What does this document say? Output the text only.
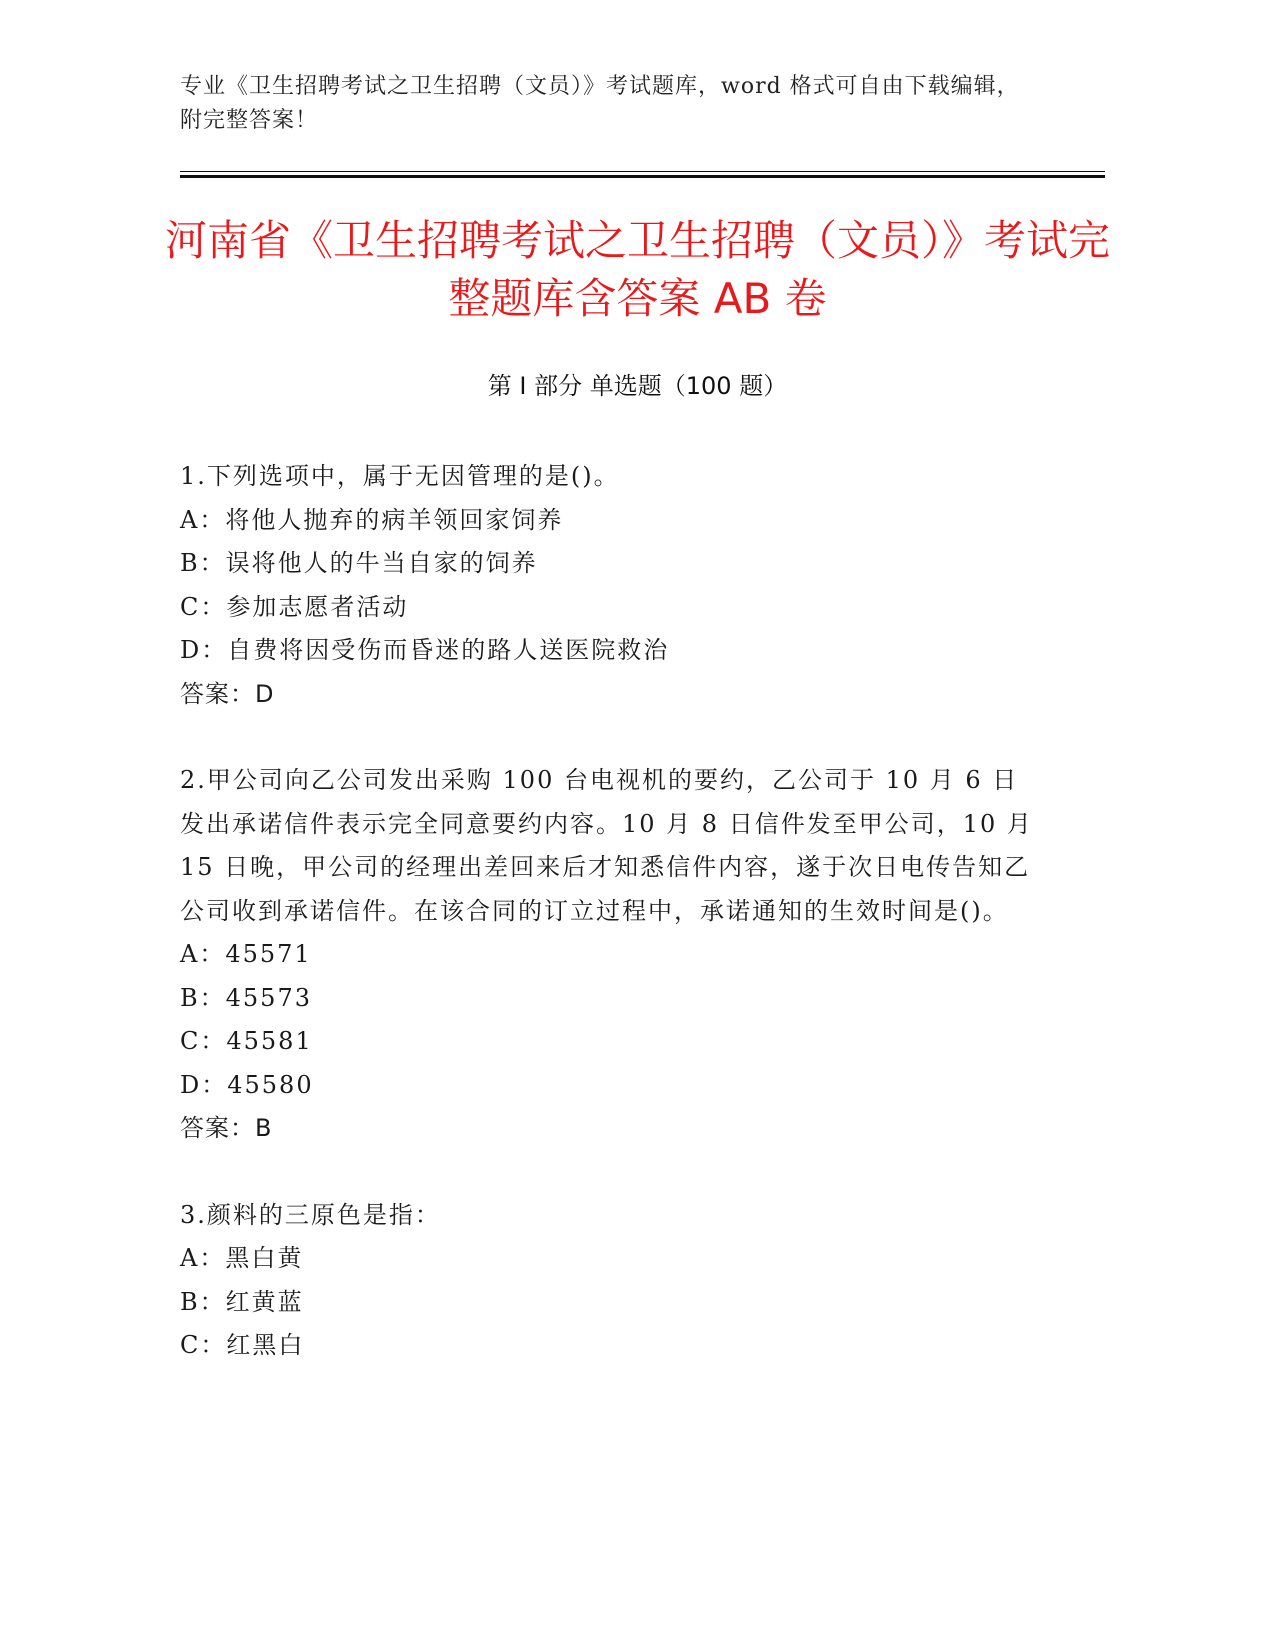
专业《卫生招聘考试之卫生招聘（文员）》考试题库，word 格式可自由下载编辑，附完整答案！
河南省《卫生招聘考试之卫生招聘（文员）》考试完整题库含答案 AB 卷
第 I 部分 单选题（100 题）
1.下列选项中，属于无因管理的是()。
A：将他人抛弃的病羊领回家饲养
B：误将他人的牛当自家的饲养
C：参加志愿者活动
D：自费将因受伤而昏迷的路人送医院救治
答案：D
2.甲公司向乙公司发出采购 100 台电视机的要约，乙公司于 10 月 6 日发出承诺信件表示完全同意要约内容。10 月 8 日信件发至甲公司，10 月 15 日晚，甲公司的经理出差回来后才知悉信件内容，遂于次日电传告知乙公司收到承诺信件。在该合同的订立过程中，承诺通知的生效时间是()。
A：45571
B：45573
C：45581
D：45580
答案：B
3.颜料的三原色是指：
A：黑白黄
B：红黄蓝
C：红黑白
